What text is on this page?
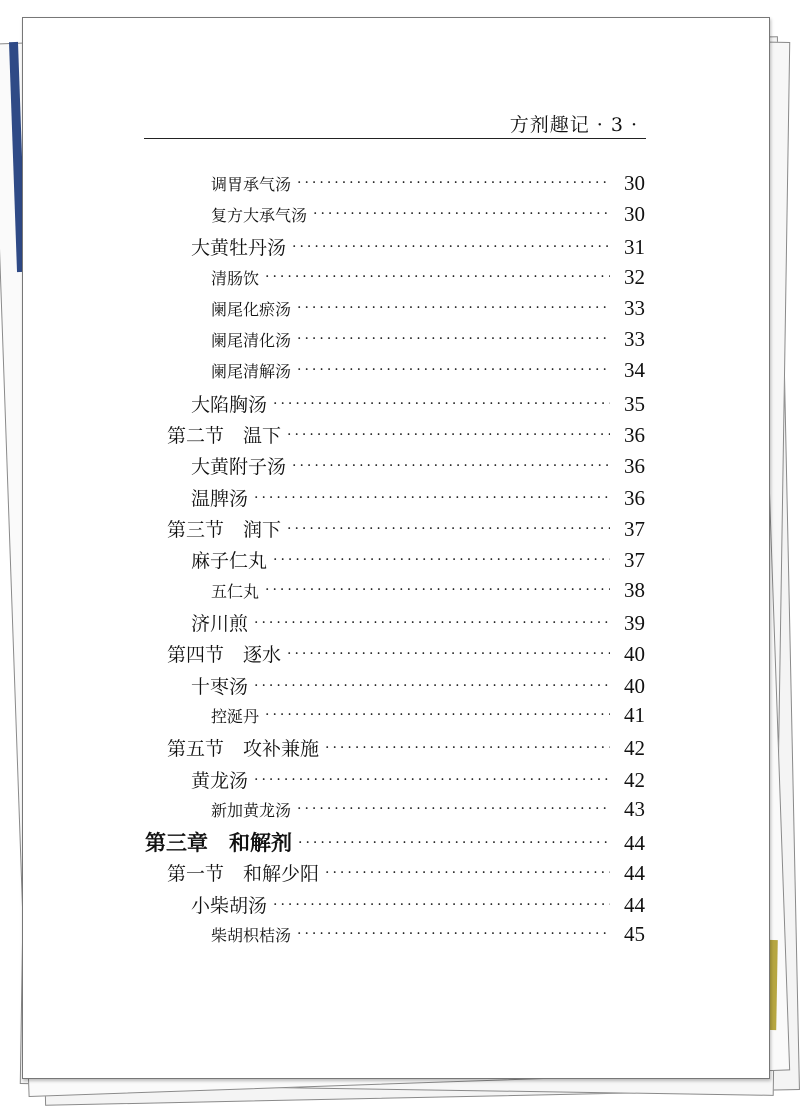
方剂趣记 · 3 ·
调胃承气汤 ·····	30
复方大承气汤 ·····	30
大黄牡丹汤 ·····	31
清肠饮 ·····	32
阑尾化瘀汤 ·····	33
阑尾清化汤 ·····	33
阑尾清解汤 ·····	34
大陷胸汤 ·····	35
第二节　温下 ·····	36
大黄附子汤 ·····	36
温脾汤 ·····	36
第三节　润下 ·····	37
麻子仁丸 ·····	37
五仁丸 ·····	38
济川煎 ·····	39
第四节　逐水 ·····	40
十枣汤 ·····	40
控涎丹 ·····	41
第五节　攻补兼施 ·····	42
黄龙汤 ·····	42
新加黄龙汤 ·····	43
第三章　和解剂 ·····	44
第一节　和解少阳 ·····	44
小柴胡汤 ·····	44
柴胡枳桔汤 ·····	45
